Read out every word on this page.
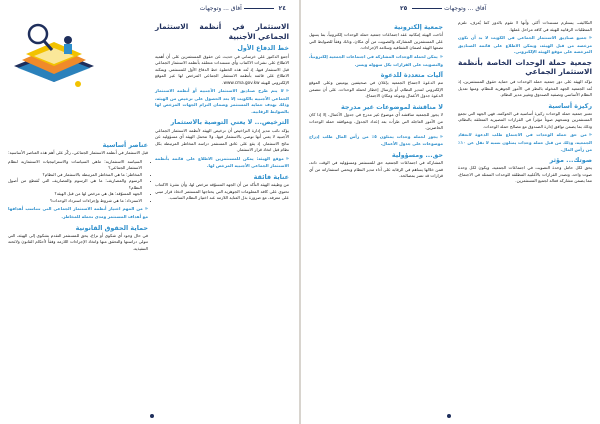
٢٤  آفاق ... وتوجهات
الاستثمار في أنظمة الاستثمار الجماعي الأجنبية
خط الدفاع الأول

أجمع الدكتور علي خرساني في حديث عن حقوق المستثمرين على أن أهمية الاطلاع على نشرات الاكتتاب وأي مستندات متعلقة بأنظمة الاستثمار الجماعي قبل الاستثمار فيها، إذ تُعد هذه الخطوة خط الدفاع الأول للمستثمر، ويمكنه الاطلاع على قائمة بأنظمة الاستثمار الجماعي المرخص لها عبر الموقع الإلكتروني للهيئة www.cma.gov.kw.

«لا يتم طرح صناديق الاستثمار الأجنبية أو أنظمة الاستثمار الجماعي الأجنبية بالكويت إلا بعد الحصول على ترخيص من الهيئة، وذلك بهدف حماية المستثمر وضمان التزام الجهات المرخص لها بالضوابط الرقابية.

الترخيص... لا يعني التوصية بالاستثمار

يؤكد نائب مدير إدارة التراخيص أن ترخيص الهيئة لأنظمة الاستثمار الجماعي الأجنبية لا يعني أنها توصي بالاستثمار فيها، ولا تتحمل الهيئة أي مسؤولية عن نتائج الاستثمار، إذ يقع على عاتق المستثمر دراسة المخاطر المرتبطة بكل نظام قبل اتخاذ قرار الاستثمار.

«موقع الهيئة: يمكن للمستثمرين الاطلاع على قائمة بأنظمة الاستثمار الجماعي الأجنبية المرخص لها.

عناية فائقة

من وظيفة الهيئة التأكد من أن الجهة المسوّقة مرخص لها، وأن نشرة الاكتتاب تحتوي على كافة المعلومات الجوهرية التي يحتاجها المستثمر لاتخاذ قرار مبني على معرفة، مع ضرورة بذل العناية اللازمة عند اختيار النظام المناسب.

عناصر أساسية

قبل الاستثمار في أنظمة الاستثمار الجماعي، ركّز على أهم هذه العناصر الأساسية:

• السياسة الاستثمارية: ماهي السياسات والاستراتيجيات الاستثمارية لنظام الاستثمار الجماعي؟
• المخاطر: ما هي المخاطر المرتبطة بالاستثمار في النظام؟
• الرسوم والمصاريف: ما هي الرسوم والمصاريف التي تُقتطع من أصول النظام؟
• الجهة المسوّقة: هل هي مرخص لها من قبل الهيئة؟
• الاسترداد: ما هي شروط وإجراءات استرداد الوحدات؟

«من المهم اختيار أنظمة الاستثمار الجماعي التي تتناسب أهدافها مع أهداف المستثمر ومدى تحمله للمخاطر.

حماية الحقوق القانونية

في حال وجود أي شكوى أو نزاع، يحق للمستثمر التقدم بشكوى إلى الهيئة، التي تتولى دراستها والتحقق منها واتخاذ الإجراءات اللازمة وفقاً لأحكام القانون ولائحته التنفيذية.

آفاق ... وتوجهات  ٢٥

التكاليف، يستلزم مستندات أكثر، وأنها لا تقوم بالدور كما يُعرف، تلتزم المتطلبات الرقابية للهيئة في كافة مراحل عملها.

«جميع صناديق الاستثمار الجماعي في الكويت لا بد أن تكون مرخصة من قبل الهيئة، ويمكن الاطلاع على قائمة الصناديق المرخصة على موقع الهيئة الإلكتروني.

جمعية حملة الوحدات الخاصة بأنظمة الاستثمار الجماعي

تؤكد الهيئة على دور جمعية حملة الوحدات في حماية حقوق المستثمرين، إذ تُعد الجمعية الجهة المخولة بالنظر في الأمور الجوهرية للنظام، ومنها تعديل النظام الأساسي وتصفية الصندوق وتغيير مدير النظام.

ركيزة أساسية

تعتبر جمعية حملة الوحدات ركيزة أساسية في الحوكمة، فهي الجهة التي تجمع المستثمرين وتمنحهم صوتاً مؤثراً في القرارات المصيرية المتعلقة بالنظام، وذلك بما يضمن توافق إدارة الصندوق مع مصالح حملة الوحدات.

«من حق حملة الوحدات في الاجتماع طلب الدعوة لانعقاد الجمعية، وذلك من قبل حملة وحدات يمثلون نسبة لا تقل عن ١٠٪ من رأس المال.

صوتك... مؤثر

يحق لكل حامل وحدة التصويت في اجتماعات الجمعية، ويكون لكل وحدة صوت واحد، وتصدر القرارات بالأغلبية المطلقة للوحدات الممثلة في الاجتماع، مما يضمن مشاركة فعالة لجميع المستثمرين.

جمعية إلكترونية

أتاحت الهيئة إمكانية عقد اجتماعات جمعية حملة الوحدات إلكترونياً، بما يسهل على المستثمرين المشاركة والتصويت من أي مكان، وذلك وفقاً للضوابط التي تضعها الهيئة لضمان الشفافية وسلامة الإجراءات.

«يمكن لحملة الوحدات المشاركة في اجتماعات الجمعية إلكترونياً، والتصويت على القرارات بكل سهولة ويسر.

آليات متعددة للدعوة

تتم الدعوة لاجتماع الجمعية بإعلان في صحيفتين يوميتين وعلى الموقع الإلكتروني لمدير النظام، أو بإرسال إخطار لحملة الوحدات، على أن تتضمن الدعوة جدول الأعمال وموعد ومكان الاجتماع.

لا مناقشة لموضوعات غير مدرجة

لا يجوز للجمعية مناقشة أي موضوع غير مدرج في جدول الأعمال، إلا إذا كان من الأمور العاجلة التي طرأت بعد إعداد الجدول، وبموافقة حملة الوحدات الحاضرين.

«يجوز لحملة وحدات يمثلون ٥٪ من رأس المال طلب إدراج موضوعات على جدول الأعمال.

حق... ومسؤولية

المشاركة في اجتماعات الجمعية حق للمستثمر ومسؤولية في الوقت ذاته، فمن خلالها يساهم في الرقابة على أداء مدير النظام ويحمي استثماراته من أي قرارات قد تضر بمصالحه.
